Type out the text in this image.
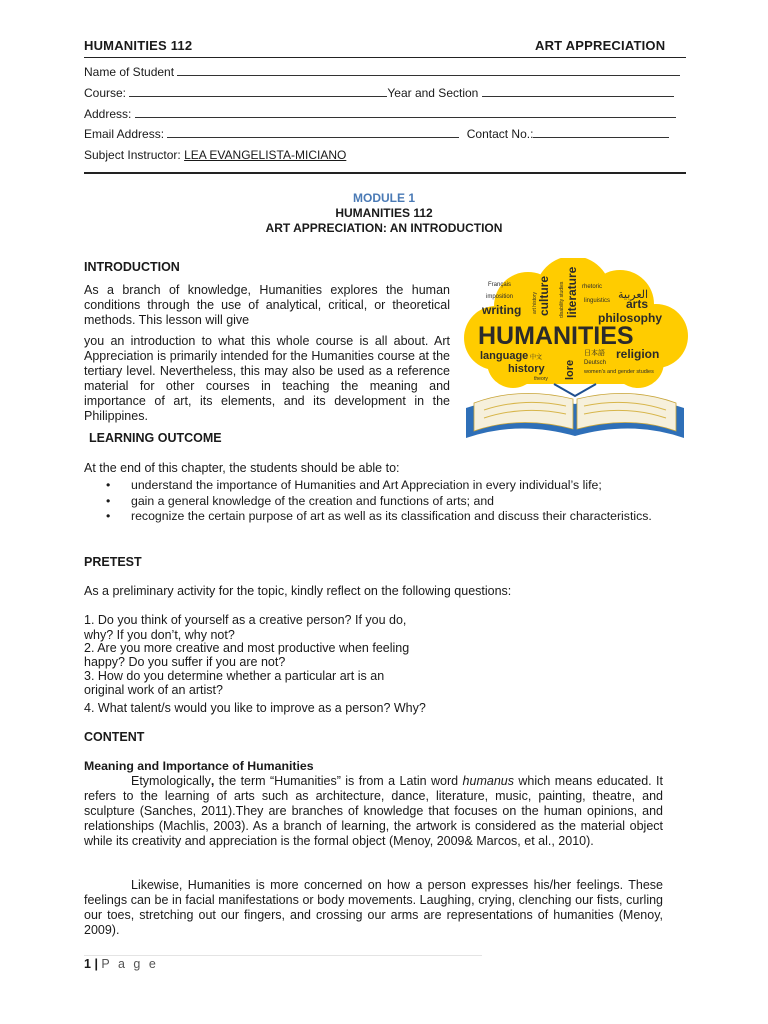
HUMANITIES 112	ART APPRECIATION
Name of Student
Course:	Year and Section
Address:
Email Address:	Contact No.:
Subject Instructor: LEA EVANGELISTA-MICIANO
MODULE 1
HUMANITIES 112
ART APPRECIATION: AN INTRODUCTION
INTRODUCTION
As a branch of knowledge, Humanities explores the human conditions through the use of analytical, critical, or theoretical methods. This lesson will give
you an introduction to what this whole course is all about. Art Appreciation is primarily intended for the Humanities course at the tertiary level. Nevertheless, this may also be used as a reference material for other courses in teaching the meaning and importance of art, its elements, and its development in the Philippines.
Français
imposition
writing culture literature
disability studies
art history
rhetoric
linguistics العربية
arts
philosophy
HUMANITIES
language
history lore
日本語
Deutsch
religion
中文
women's and gender studies
theory
LEARNING OUTCOME
At the end of this chapter, the students should be able to:
• understand the importance of Humanities and Art Appreciation in every individual’s life;
• gain a general knowledge of the creation and functions of arts; and
• recognize the certain purpose of art as well as its classification and discuss their characteristics.
PRETEST
As a preliminary activity for the topic, kindly reflect on the following questions:
1. Do you think of yourself as a creative person? If you do,
why? If you don’t, why not?
2. Are you more creative and most productive when feeling
happy? Do you suffer if you are not?
3. How do you determine whether a particular art is an
original work of an artist?
4. What talent/s would you like to improve as a person? Why?
CONTENT
Meaning and Importance of Humanities
Etymologically, the term “Humanities” is from a Latin word humanus which means educated. It refers to the learning of arts such as architecture, dance, literature, music, painting, theatre, and sculpture (Sanches, 2011).They are branches of knowledge that focuses on the human opinions, and relationships (Machlis, 2003). As a branch of learning, the artwork is considered as the material object while its creativity and appreciation is the formal object (Menoy, 2009& Marcos, et al., 2010).
Likewise, Humanities is more concerned on how a person expresses his/her feelings. These feelings can be in facial manifestations or body movements. Laughing, crying, clenching our fists, curling our toes, stretching out our fingers, and crossing our arms are representations of humanities (Menoy, 2009).
1 | P a g e
